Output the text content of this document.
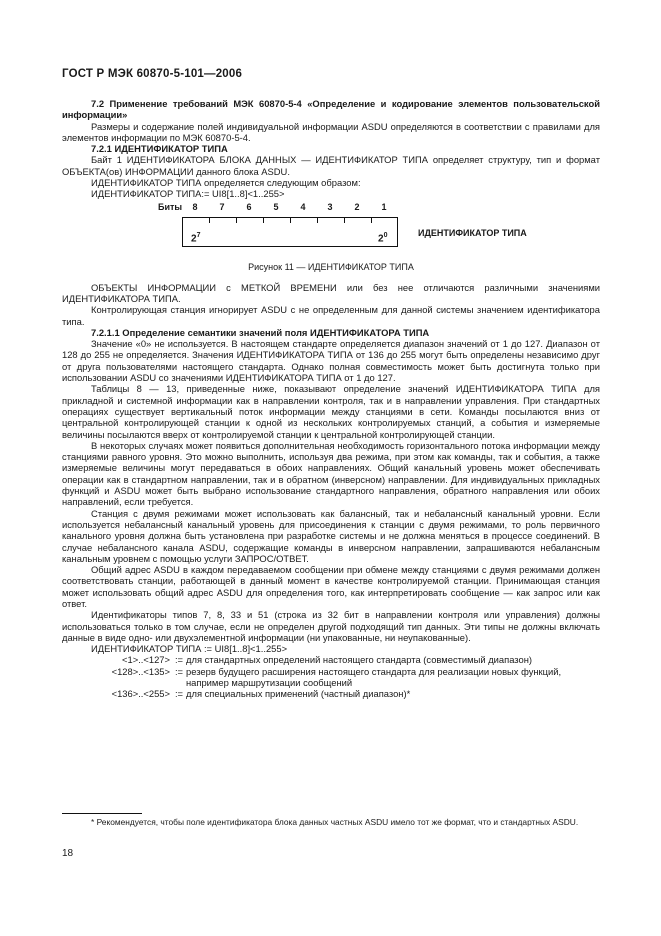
ГОСТ Р МЭК 60870-5-101—2006

7.2 Применение требований МЭК 60870-5-4 «Определение и кодирование элементов пользовательской информации»

Размеры и содержание полей индивидуальной информации ASDU определяются в соответствии с правилами для элементов информации по МЭК 60870-5-4.

7.2.1 ИДЕНТИФИКАТОР ТИПА

Байт 1 ИДЕНТИФИКАТОРА БЛОКА ДАННЫХ — ИДЕНТИФИКАТОР ТИПА определяет структуру, тип и формат ОБЪЕКТА(ов) ИНФОРМАЦИИ данного блока ASDU.

ИДЕНТИФИКАТОР ТИПА определяется следующим образом:

ИДЕНТИФИКАТОР ТИПА:= UI8[1..8]<1..255>

Биты 8 7 6 5 4 3 2 1
$2^7$	$2^0$	ИДЕНТИФИКАТОР ТИПА
Рисунок 11 — ИДЕНТИФИКАТОР ТИПА

ОБЪЕКТЫ ИНФОРМАЦИИ с МЕТКОЙ ВРЕМЕНИ или без нее отличаются различными значениями ИДЕНТИФИКАТОРА ТИПА.

Контролирующая станция игнорирует ASDU с не определенным для данной системы значением идентификатора типа.

7.2.1.1 Определение семантики значений поля ИДЕНТИФИКАТОРА ТИПА

Значение «0» не используется. В настоящем стандарте определяется диапазон значений от 1 до 127. Диапазон от 128 до 255 не определяется. Значения ИДЕНТИФИКАТОРА ТИПА от 136 до 255 могут быть определены независимо друг от друга пользователями настоящего стандарта. Однако полная совместимость может быть достигнута только при использовании ASDU со значениями ИДЕНТИФИКАТОРА ТИПА от 1 до 127.

Таблицы 8 — 13, приведенные ниже, показывают определение значений ИДЕНТИФИКАТОРА ТИПА для прикладной и системной информации как в направлении контроля, так и в направлении управления. При стандартных операциях существует вертикальный поток информации между станциями в сети. Команды посылаются вниз от центральной контролирующей станции к одной из нескольких контролируемых станций, а события и измеряемые величины посылаются вверх от контролируемой станции к центральной контролирующей станции.

В некоторых случаях может появиться дополнительная необходимость горизонтального потока информации между станциями равного уровня. Это можно выполнить, используя два режима, при этом как команды, так и события, а также измеряемые величины могут передаваться в обоих направлениях. Общий канальный уровень может обеспечивать операции как в стандартном направлении, так и в обратном (инверсном) направлении. Для индивидуальных прикладных функций и ASDU может быть выбрано использование стандартного направления, обратного направления или обоих направлений, если требуется.

Станция с двумя режимами может использовать как балансный, так и небалансный канальный уровни. Если используется небалансный канальный уровень для присоединения к станции с двумя режимами, то роль первичного канального уровня должна быть установлена при разработке системы и не должна меняться в процессе соединений. В случае небалансного канала ASDU, содержащие команды в инверсном направлении, запрашиваются небалансным канальным уровнем с помощью услуги ЗАПРОС/ОТВЕТ.

Общий адрес ASDU в каждом передаваемом сообщении при обмене между станциями с двумя режимами должен соответствовать станции, работающей в данный момент в качестве контролируемой станции. Принимающая станция может использовать общий адрес ASDU для определения того, как интерпретировать сообщение — как запрос или как ответ.

Идентификаторы типов 7, 8, 33 и 51 (строка из 32 бит в направлении контроля или управления) должны использоваться только в том случае, если не определен другой подходящий тип данных. Эти типы не должны включать данные в виде одно- или двухэлементной информации (ни упакованные, ни неупакованные).

ИДЕНТИФИКАТОР ТИПА := UI8[1..8]<1..255>

<1>..<127> := для стандартных определений настоящего стандарта (совместимый диапазон)
<128>..<135> := резерв будущего расширения настоящего стандарта для реализации новых функций, например маршрутизации сообщений
<136>..<255> := для специальных применений (частный диапазон)*
* Рекомендуется, чтобы поле идентификатора блока данных частных ASDU имело тот же формат, что и стандартных ASDU.
18
